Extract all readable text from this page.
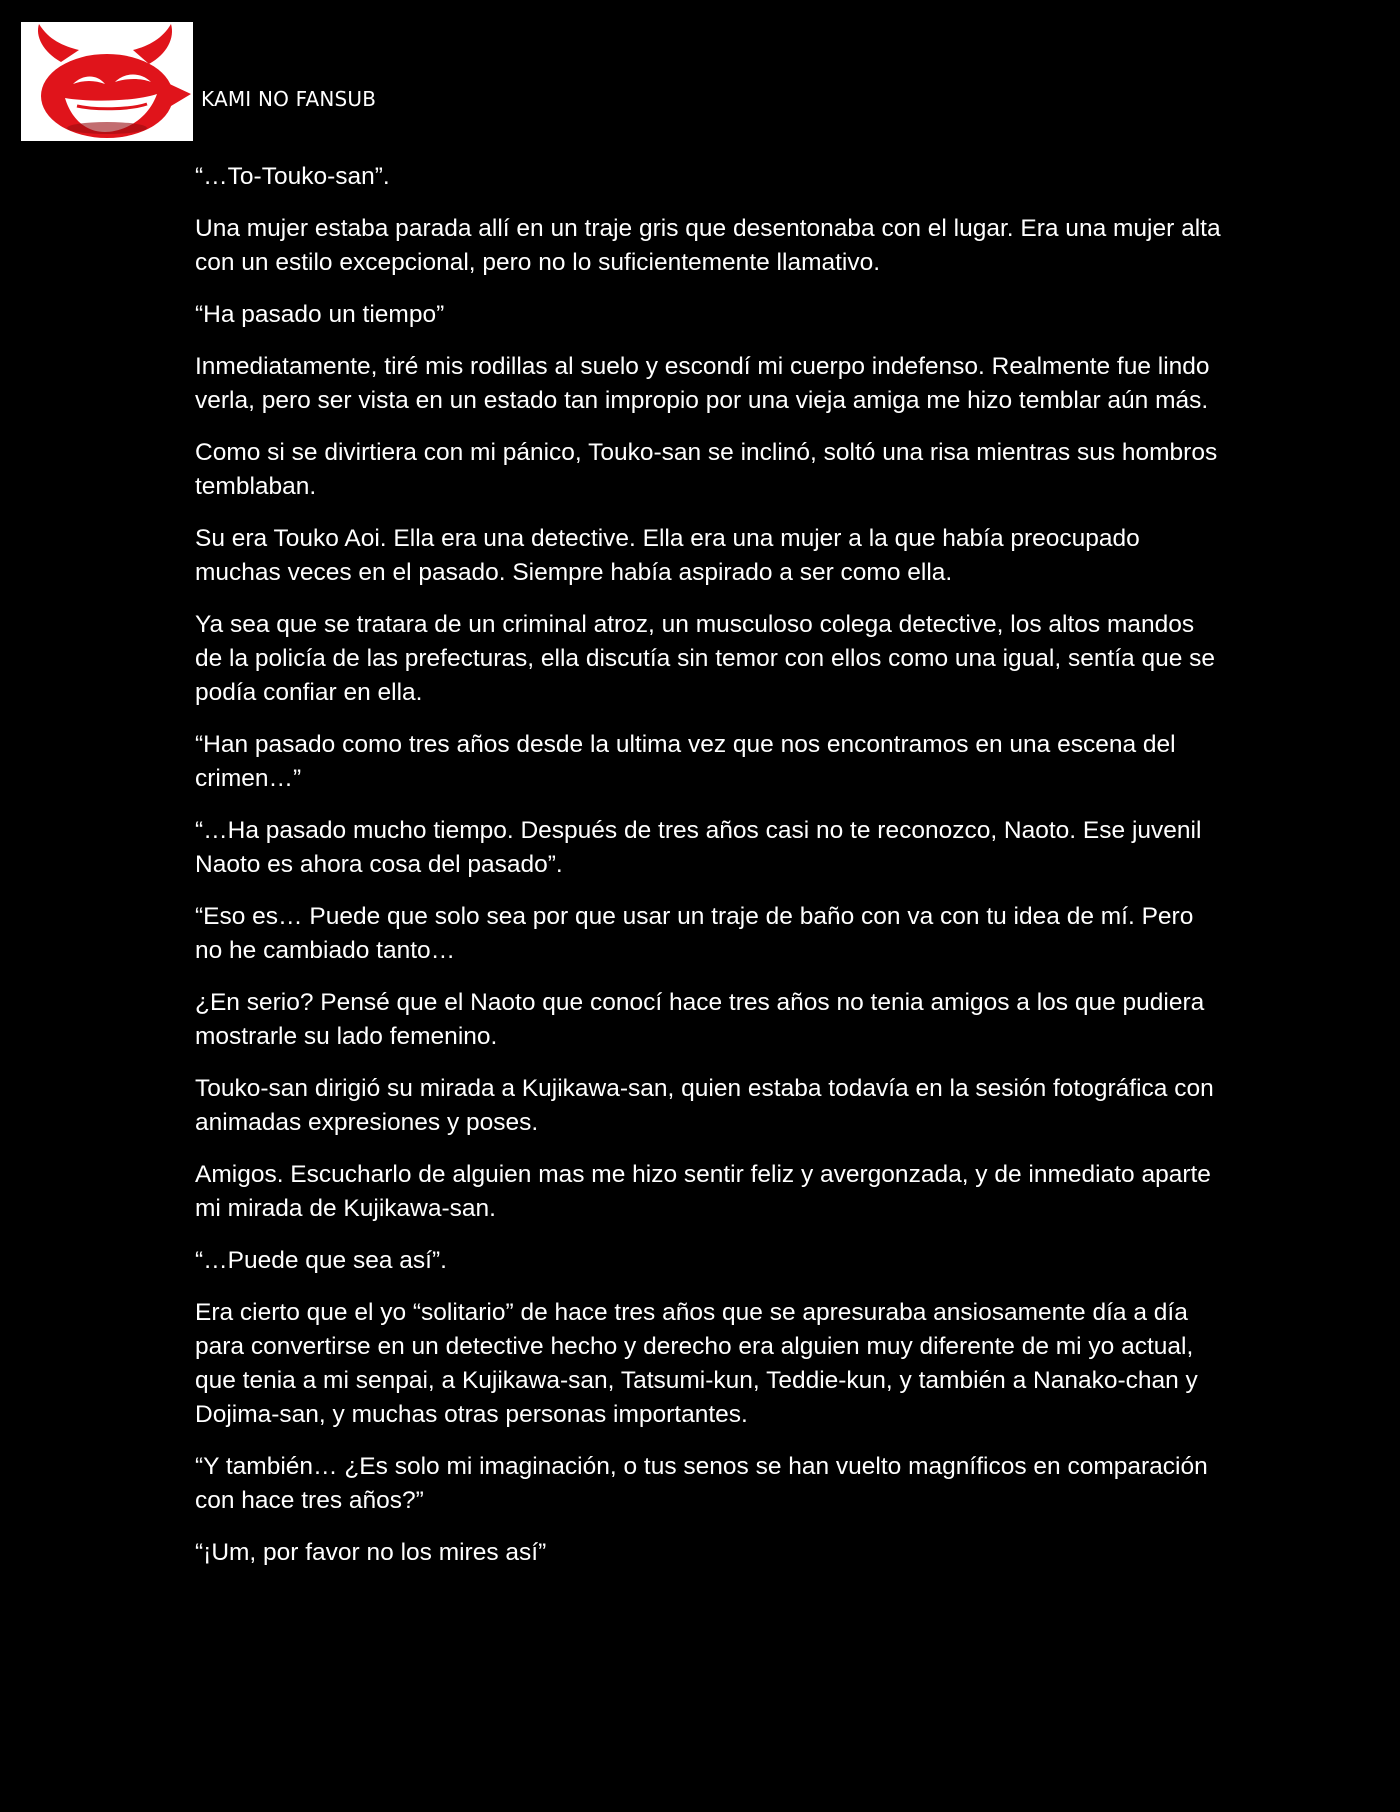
KAMI NO FANSUB

“…To-Touko-san”.

Una mujer estaba parada allí en un traje gris que desentonaba con el lugar. Era una mujer alta con un estilo excepcional, pero no lo suficientemente llamativo.

“Ha pasado un tiempo”

Inmediatamente, tiré mis rodillas al suelo y escondí mi cuerpo indefenso. Realmente fue lindo verla, pero ser vista en un estado tan impropio por una vieja amiga me hizo temblar aún más.

Como si se divirtiera con mi pánico, Touko-san se inclinó, soltó una risa mientras sus hombros temblaban.

Su era Touko Aoi. Ella era una detective. Ella era una mujer a la que había preocupado muchas veces en el pasado. Siempre había aspirado a ser como ella.

Ya sea que se tratara de un criminal atroz, un musculoso colega detective, los altos mandos de la policía de las prefecturas, ella discutía sin temor con ellos como una igual, sentía que se podía confiar en ella.

“Han pasado como tres años desde la ultima vez que nos encontramos en una escena del crimen…”

“…Ha pasado mucho tiempo. Después de tres años casi no te reconozco, Naoto. Ese juvenil Naoto es ahora cosa del pasado”.

“Eso es… Puede que solo sea por que usar un traje de baño con va con tu idea de mí. Pero no he cambiado tanto…

¿En serio? Pensé que el Naoto que conocí hace tres años no tenia amigos a los que pudiera mostrarle su lado femenino.

Touko-san dirigió su mirada a Kujikawa-san, quien estaba todavía en la sesión fotográfica con animadas expresiones y poses.

Amigos. Escucharlo de alguien mas me hizo sentir feliz y avergonzada, y de inmediato aparte mi mirada de Kujikawa-san.

“…Puede que sea así”.

Era cierto que el yo “solitario” de hace tres años que se apresuraba ansiosamente día a día para convertirse en un detective hecho y derecho era alguien muy diferente de mi yo actual, que tenia a mi senpai, a Kujikawa-san, Tatsumi-kun, Teddie-kun, y también a Nanako-chan y Dojima-san, y muchas otras personas importantes.

“Y también… ¿Es solo mi imaginación, o tus senos se han vuelto magníficos en comparación con hace tres años?”

“¡Um, por favor no los mires así”
